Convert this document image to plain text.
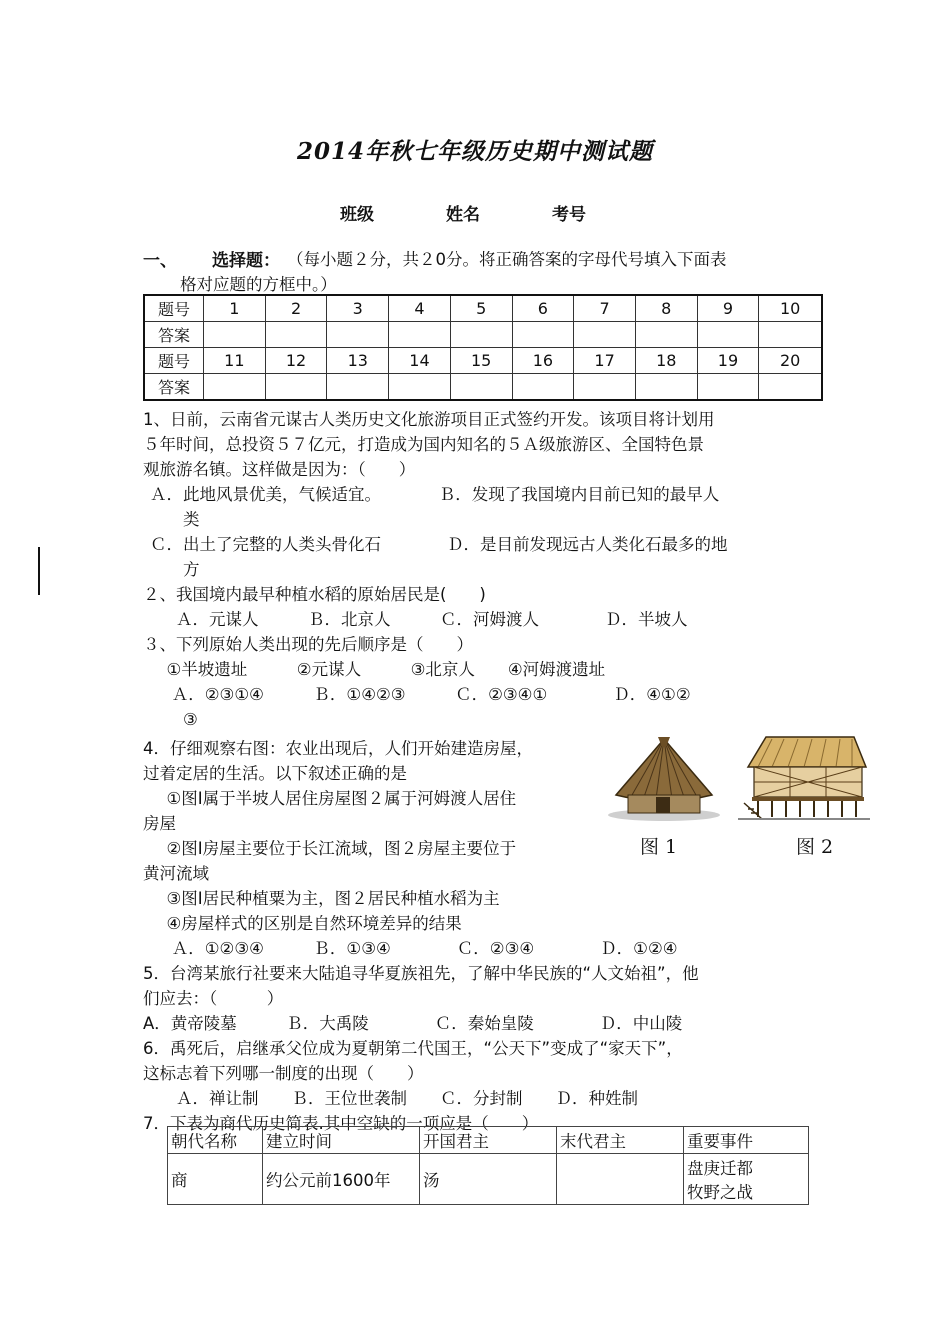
2014年秋七年级历史期中测试题
班级	姓名	考号
一、 选择题： （每小题２分，共２0分。将正确答案的字母代号填入下面表
格对应题的方框中。）
题号	1	2	3	4	5	6	7	8	9	10
答案										
题号	11	12	13	14	15	16	17	18	19	20
答案										
1、日前，云南省元谋古人类历史文化旅游项目正式签约开发。该项目将计划用
５年时间，总投资５７亿元，打造成为国内知名的５Ａ级旅游区、全国特色景
观旅游名镇。这样做是因为：（　　）
Ａ．此地风景优美，气候适宜。　　　　Ｂ．发现了我国境内目前已知的最早人
　　类
Ｃ．出土了完整的人类头骨化石　　　　Ｄ．是目前发现远古人类化石最多的地
　　方
２、我国境内最早种植水稻的原始居民是(　　)
　　Ａ．元谋人　　　Ｂ．北京人　　　Ｃ．河姆渡人　　　　Ｄ．半坡人
３、下列原始人类出现的先后顺序是（　　）
　①半坡遗址　　　②元谋人　　　③北京人　　④河姆渡遗址
　 Ａ．②③①④　　　Ｂ．①④②③　　　Ｃ．②③④①　　　　Ｄ．④①②
　　③
4．仔细观察右图：农业出现后，人们开始建造房屋，
过着定居的生活。以下叙述正确的是
　①图Ⅰ属于半坡人居住房屋图２属于河姆渡人居住
房屋
　②图Ⅰ房屋主要位于长江流域，图２房屋主要位于
黄河流域
　③图Ⅰ居民种植粟为主，图２居民种植水稻为主
　④房屋样式的区别是自然环境差异的结果
　 Ａ．①②③④　　　Ｂ．①③④　　　　Ｃ．②③④　　　　Ｄ．①②④
5．台湾某旅行社要来大陆追寻华夏族祖先，了解中华民族的“人文始祖”，他
们应去：（　　　）
A．黄帝陵墓　　　Ｂ．大禹陵　　　　Ｃ．秦始皇陵　　　　Ｄ．中山陵
6．禹死后，启继承父位成为夏朝第二代国王，“公天下”变成了“家天下”，
这标志着下列哪一制度的出现（　　）
　　Ａ．禅让制　　Ｂ．王位世袭制　　Ｃ．分封制　　Ｄ．种姓制
7．下表为商代历史简表.其中空缺的一项应是（　　）
图 1	图 2
朝代名称	建立时间	开国君主	末代君主	重要事件
商	约公元前1600年	汤		盘庚迁都
牧野之战
